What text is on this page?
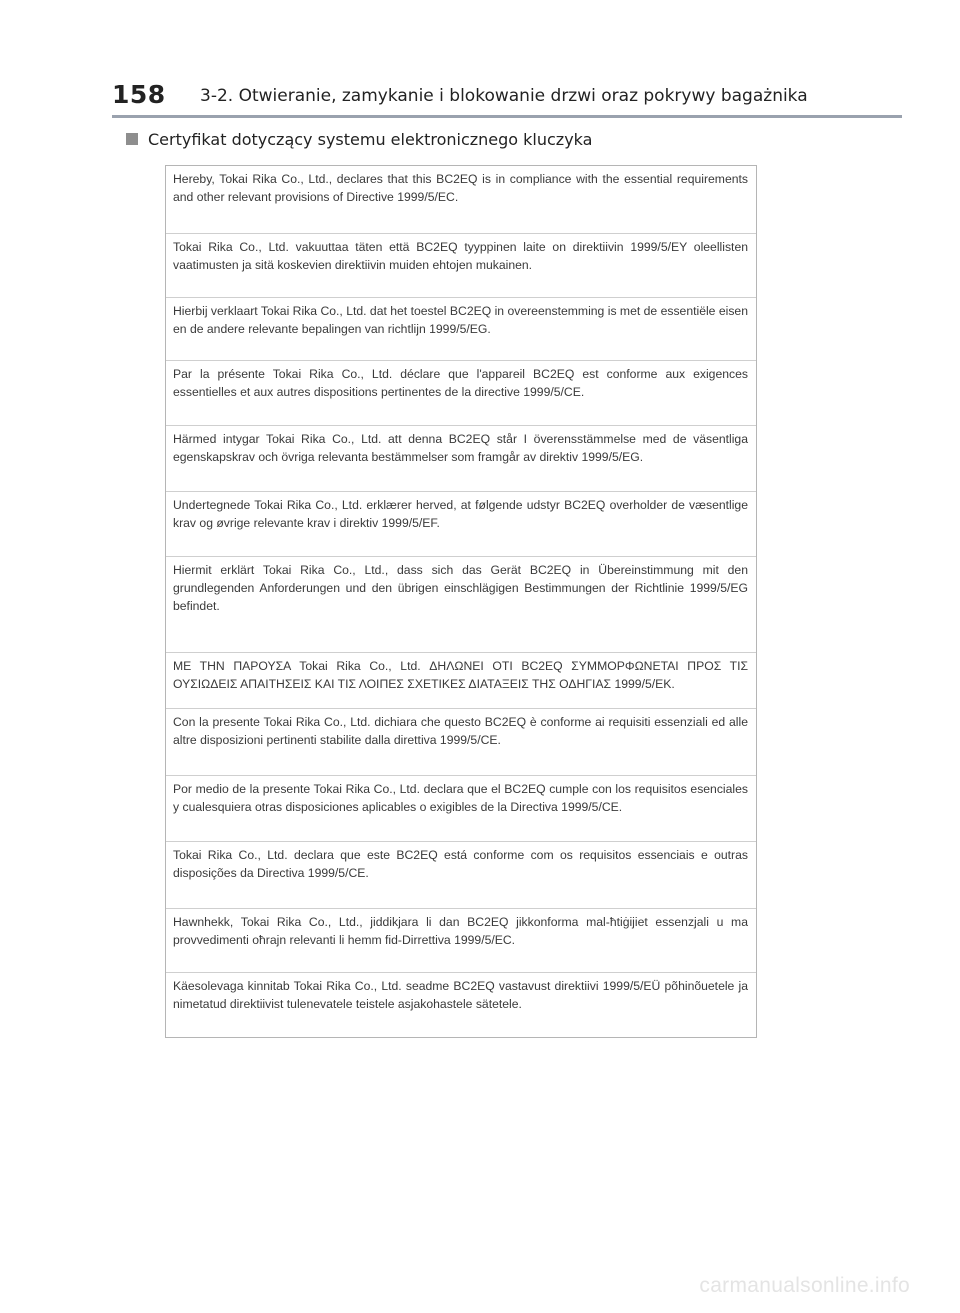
158 3-2. Otwieranie, zamykanie i blokowanie drzwi oraz pokrywy bagażnika
Certyfikat dotyczący systemu elektronicznego kluczyka
Hereby, Tokai Rika Co., Ltd., declares that this BC2EQ is in compliance with the essential requirements and other relevant provisions of Directive 1999/5/EC.
Tokai Rika Co., Ltd. vakuuttaa täten että BC2EQ tyyppinen laite on direktiivin 1999/5/EY oleellisten vaatimusten ja sitä koskevien direktiivin muiden ehtojen mukainen.
Hierbij verklaart Tokai Rika Co., Ltd. dat het toestel BC2EQ in overeenstemming is met de essentiële eisen en de andere relevante bepalingen van richtlijn 1999/5/EG.
Par la présente Tokai Rika Co., Ltd. déclare que l'appareil BC2EQ est conforme aux exigences essentielles et aux autres dispositions pertinentes de la directive 1999/5/CE.
Härmed intygar Tokai Rika Co., Ltd. att denna BC2EQ står I överensstämmelse med de väsentliga egenskapskrav och övriga relevanta bestämmelser som framgår av direktiv 1999/5/EG.
Undertegnede Tokai Rika Co., Ltd. erklærer herved, at følgende udstyr BC2EQ overholder de væsentlige krav og øvrige relevante krav i direktiv 1999/5/EF.
Hiermit erklärt Tokai Rika Co., Ltd., dass sich das Gerät BC2EQ in Übereinstimmung mit den grundlegenden Anforderungen und den übrigen einschlägigen Bestimmungen der Richtlinie 1999/5/EG befindet.
ΜΕ ΤΗΝ ΠΑΡΟΥΣΑ Tokai Rika Co., Ltd. ΔΗΛΩΝΕΙ ΟΤΙ BC2EQ ΣΥΜΜΟΡΦΩΝΕΤΑΙ ΠΡΟΣ ΤΙΣ ΟΥΣΙΩΔΕΙΣ ΑΠΑΙΤΗΣΕΙΣ ΚΑΙ ΤΙΣ ΛΟΙΠΕΣ ΣΧΕΤΙΚΕΣ ΔΙΑΤΑΞΕΙΣ ΤΗΣ ΟΔΗΓΙΑΣ 1999/5/ΕΚ.
Con la presente Tokai Rika Co., Ltd. dichiara che questo BC2EQ è conforme ai requisiti essenziali ed alle altre disposizioni pertinenti stabilite dalla direttiva 1999/5/CE.
Por medio de la presente Tokai Rika Co., Ltd. declara que el BC2EQ cumple con los requisitos esenciales y cualesquiera otras disposiciones aplicables o exigibles de la Directiva 1999/5/CE.
Tokai Rika Co., Ltd. declara que este BC2EQ está conforme com os requisitos essenciais e outras disposições da Directiva 1999/5/CE.
Hawnhekk, Tokai Rika Co., Ltd., jiddikjara li dan BC2EQ jikkonforma mal-ħtiġijiet essenzjali u ma provvedimenti oħrajn relevanti li hemm fid-Dirrettiva 1999/5/EC.
Käesolevaga kinnitab Tokai Rika Co., Ltd. seadme BC2EQ vastavust direktiivi 1999/5/EÜ põhinõuetele ja nimetatud direktiivist tulenevatele teistele asjakohastele sätetele.
carmanualsonline.info
